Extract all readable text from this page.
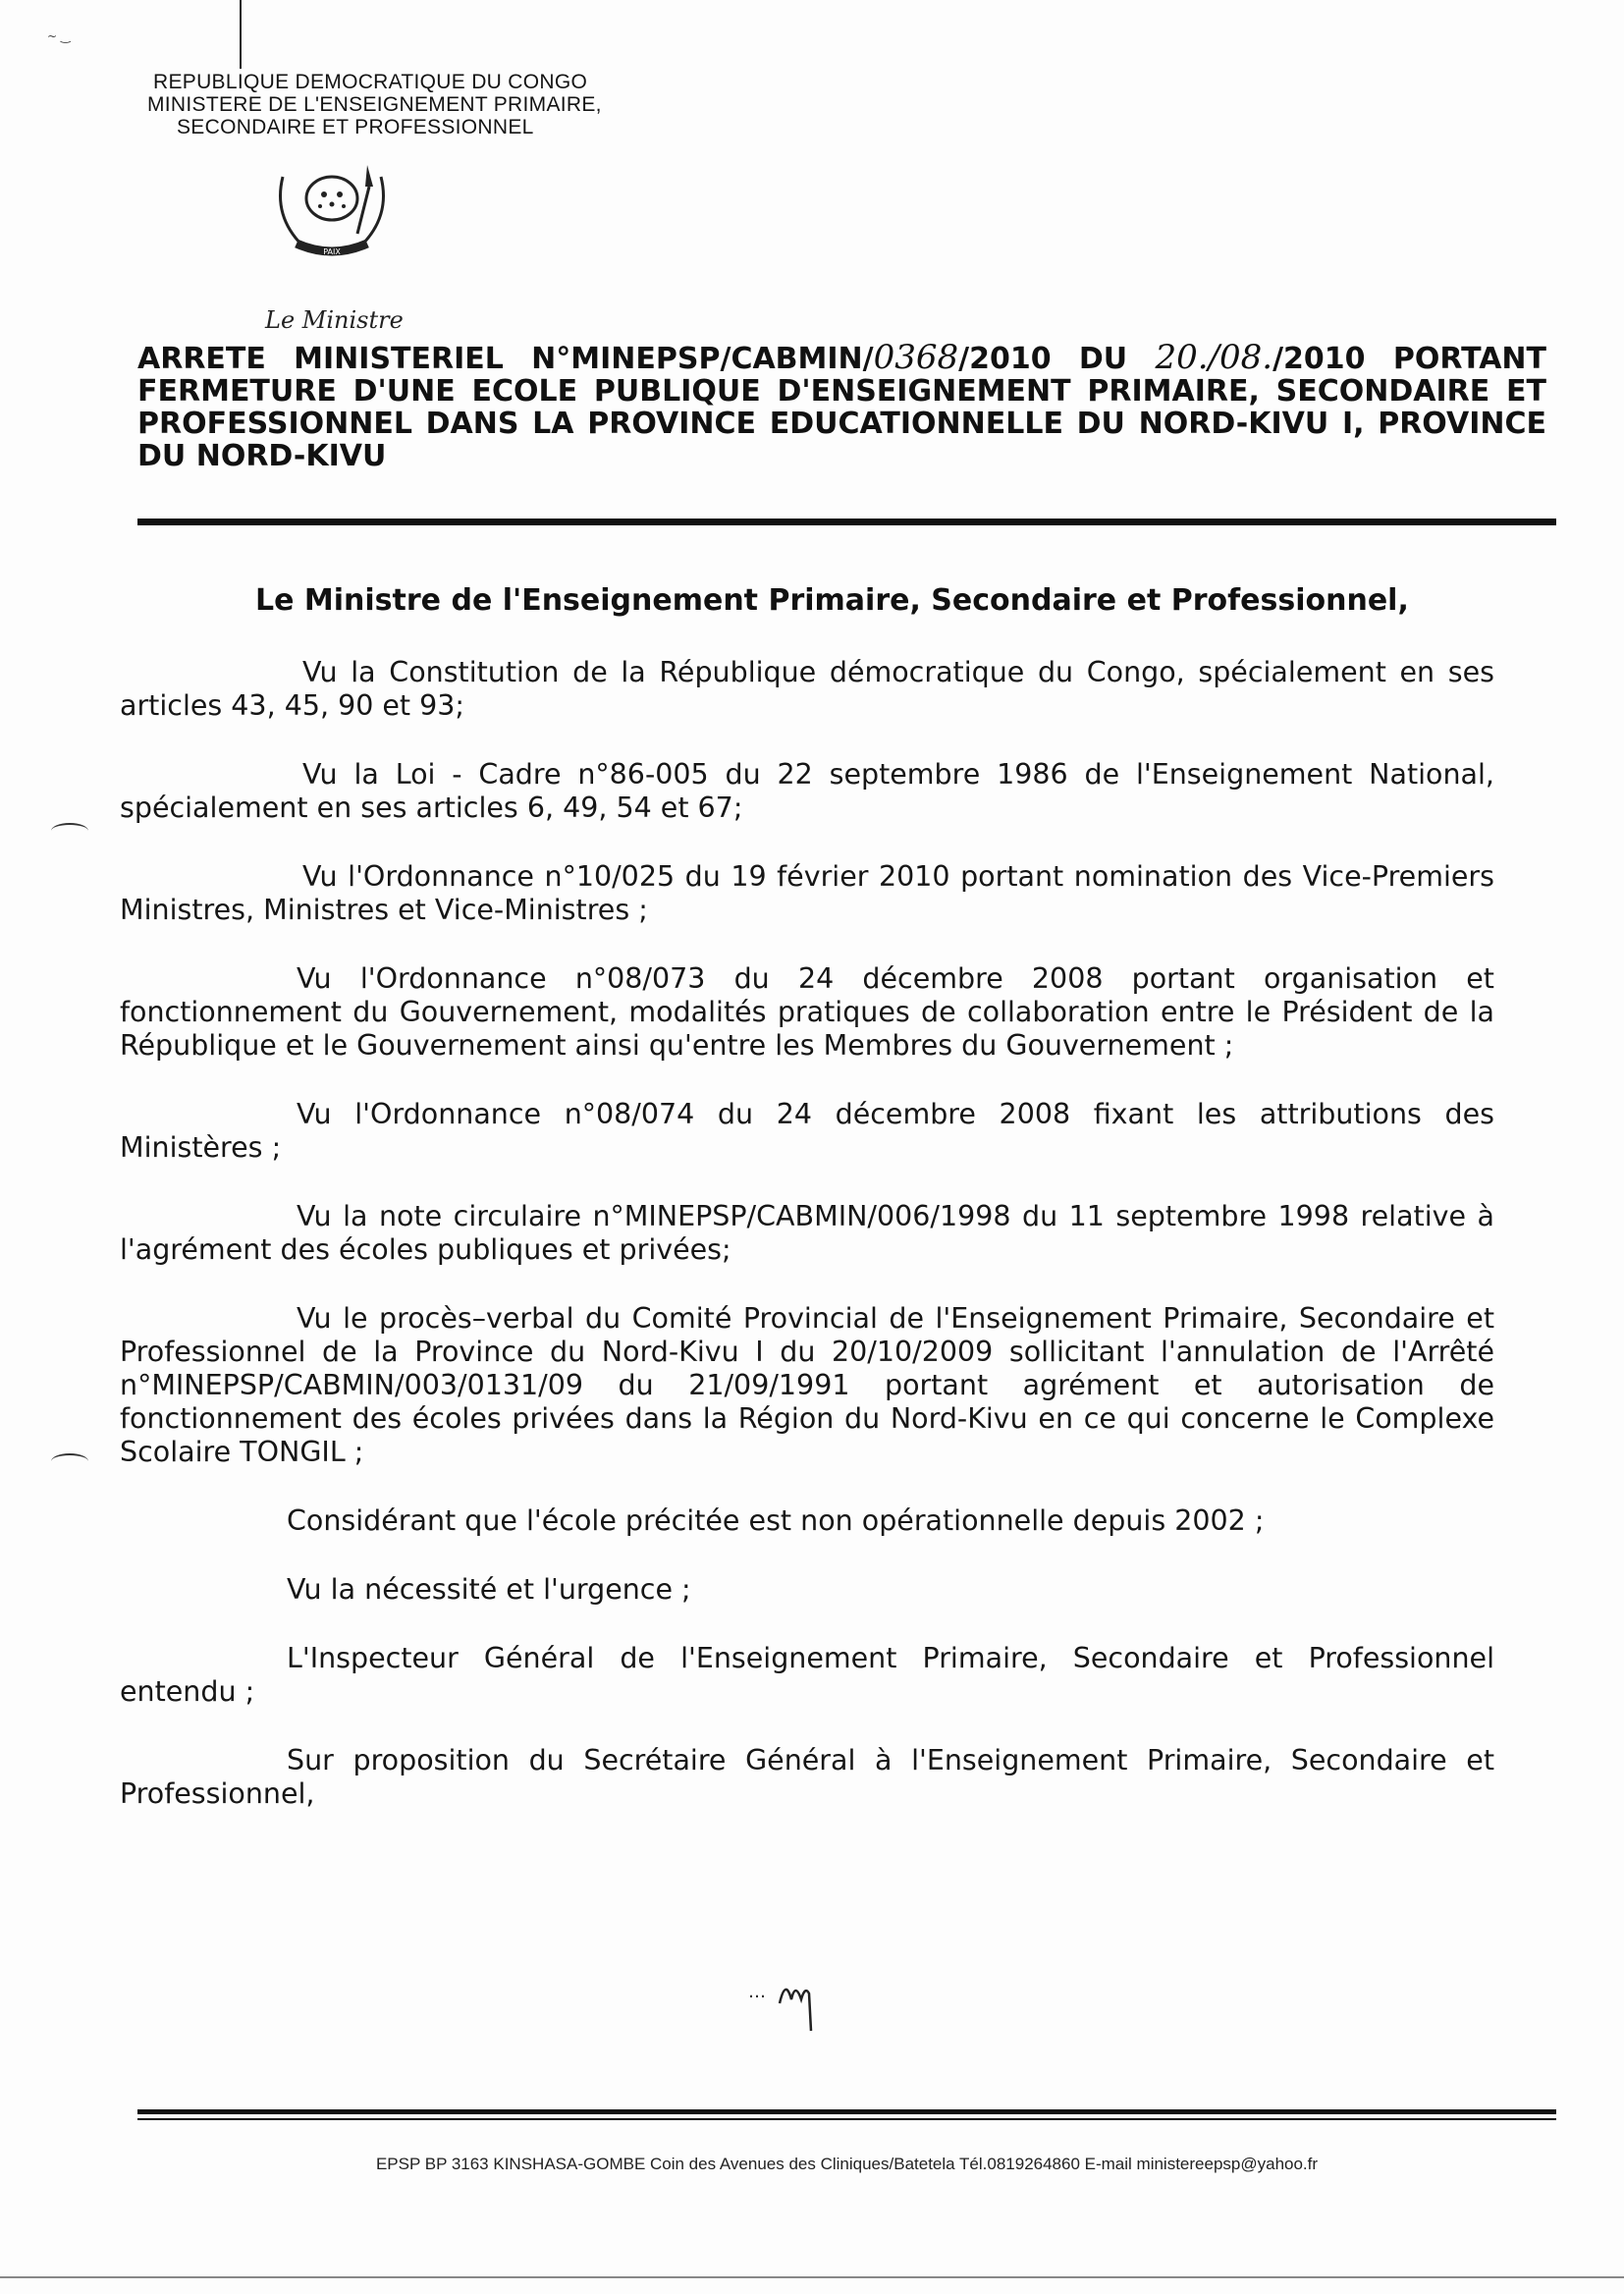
~ ‿
REPUBLIQUE DEMOCRATIQUE DU CONGO
MINISTERE DE L'ENSEIGNEMENT PRIMAIRE,
SECONDAIRE ET PROFESSIONNEL
PAIX
Le Ministre
ARRETE MINISTERIEL N°MINEPSP/CABMIN/0368/2010 DU 20./08./2010 PORTANT FERMETURE D'UNE ECOLE PUBLIQUE D'ENSEIGNEMENT PRIMAIRE, SECONDAIRE ET PROFESSIONNEL DANS LA PROVINCE EDUCATIONNELLE DU NORD-KIVU I, PROVINCE DU NORD-KIVU
Le Ministre de l'Enseignement Primaire, Secondaire et Professionnel,

Vu la Constitution de la République démocratique du Congo, spécialement en ses articles 43, 45, 90 et 93;

Vu la Loi - Cadre n°86-005 du 22 septembre 1986 de l'Enseignement National, spécialement en ses articles 6, 49, 54 et 67;

Vu l'Ordonnance n°10/025 du 19 février 2010 portant nomination des Vice-Premiers Ministres, Ministres et Vice-Ministres ;

Vu l'Ordonnance n°08/073 du 24 décembre 2008 portant organisation et fonctionnement du Gouvernement, modalités pratiques de collaboration entre le Président de la République et le Gouvernement ainsi qu'entre les Membres du Gouvernement ;

Vu l'Ordonnance n°08/074 du 24 décembre 2008 fixant les attributions des Ministères ;

Vu la note circulaire n°MINEPSP/CABMIN/006/1998 du 11 septembre 1998 relative à l'agrément des écoles publiques et privées;

Vu le procès–verbal du Comité Provincial de l'Enseignement Primaire, Secondaire et Professionnel de la Province du Nord-Kivu I du 20/10/2009 sollicitant l'annulation de l'Arrêté n°MINEPSP/CABMIN/003/0131/09 du 21/09/1991 portant agrément et autorisation de fonctionnement des écoles privées dans la Région du Nord-Kivu en ce qui concerne le Complexe Scolaire TONGIL ;

Considérant que l'école précitée est non opérationnelle depuis 2002 ;

Vu la nécessité et l'urgence ;

L'Inspecteur Général de l'Enseignement Primaire, Secondaire et Professionnel entendu ;

Sur proposition du Secrétaire Général à l'Enseignement Primaire, Secondaire et Professionnel,

…
EPSP BP 3163 KINSHASA-GOMBE Coin des Avenues des Cliniques/Batetela Tél.0819264860 E-mail ministereepsp@yahoo.fr
